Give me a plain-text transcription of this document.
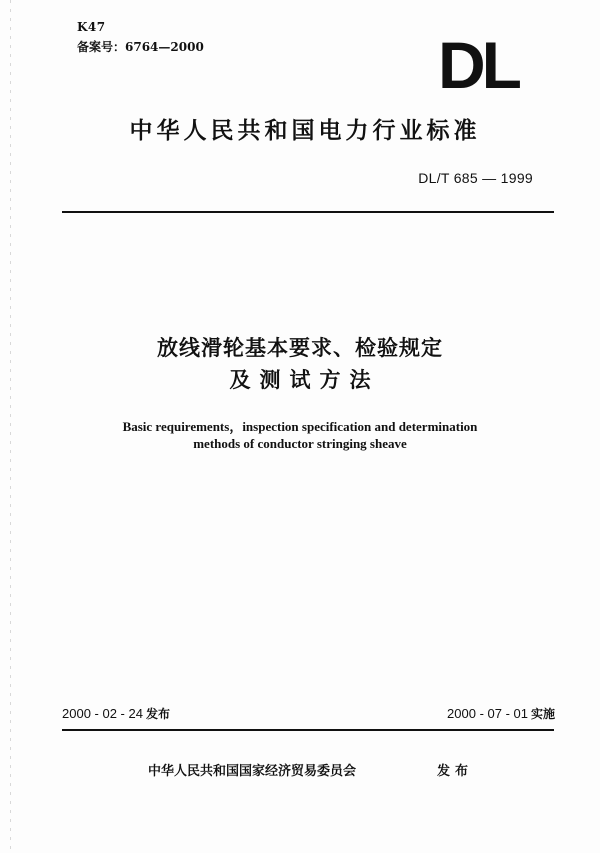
K47
备案号：6764—2000	DL
中华人民共和国电力行业标准
DL/T 685 — 1999
放线滑轮基本要求、检验规定
及测试方法
Basic requirements，inspection specification and determination
methods of conductor stringing sheave
2000 - 02 - 24 发布	2000 - 07 - 01 实施
中华人民共和国国家经济贸易委员会	发布
